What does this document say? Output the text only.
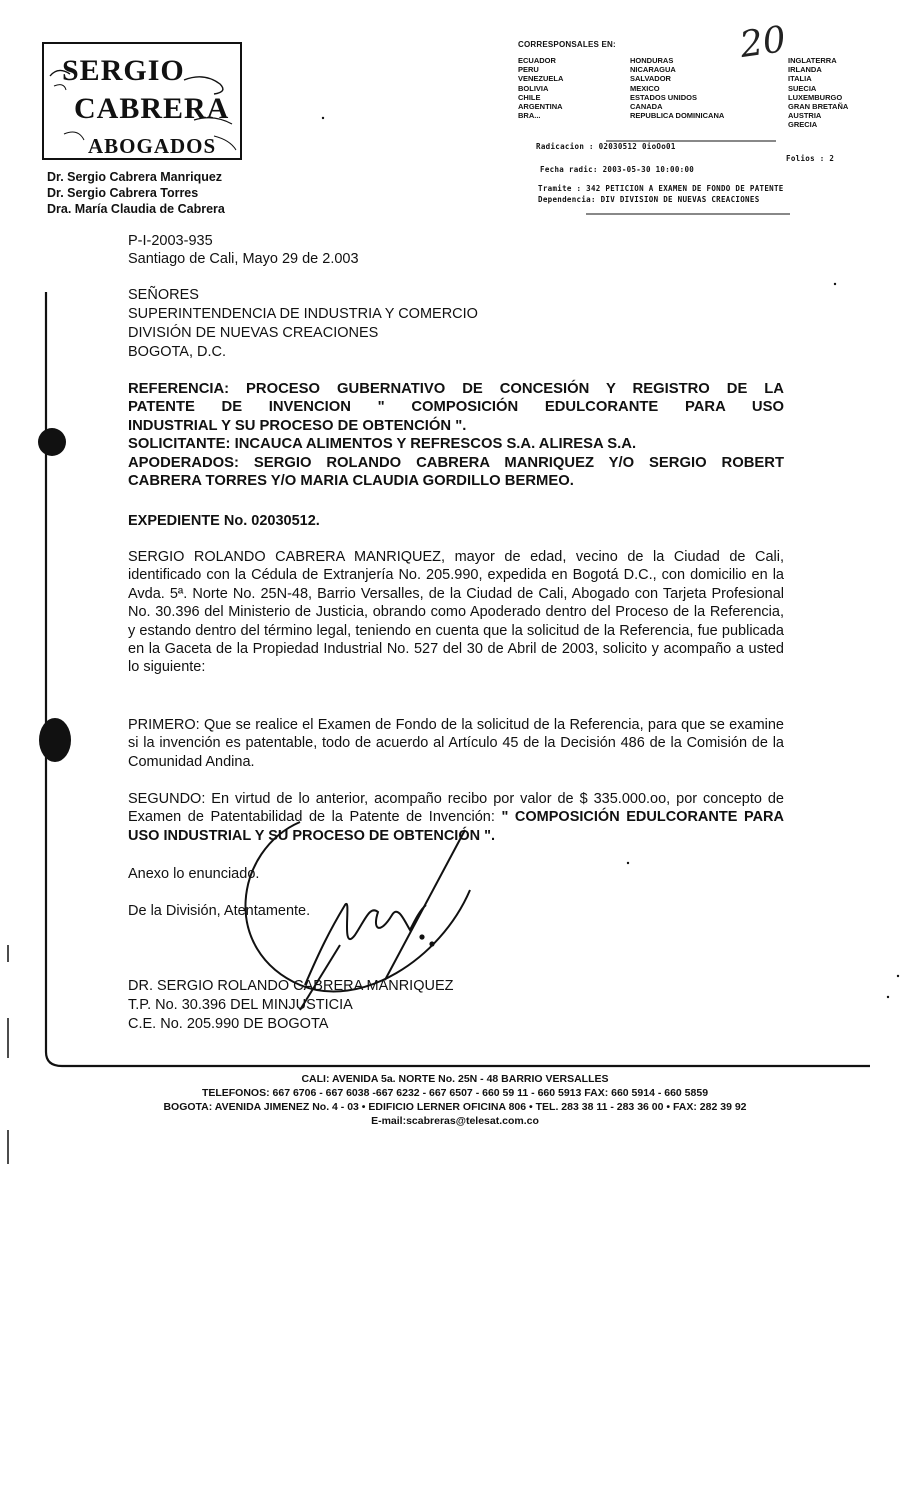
SERGIO
CABRERA
ABOGADOS
Dr. Sergio Cabrera Manriquez
Dr. Sergio Cabrera Torres
Dra. María Claudia de Cabrera
CORRESPONSALES EN:	20
ECUADOR
PERU
VENEZUELA
BOLIVIA
CHILE
ARGENTINA
BRA...
HONDURAS
NICARAGUA
SALVADOR
MEXICO
ESTADOS UNIDOS
CANADA
REPUBLICA DOMINICANA
INGLATERRA
IRLANDA
ITALIA
SUECIA
LUXEMBURGO
GRAN BRETAÑA
AUSTRIA
GRECIA
Radicacion : 02030512 0ioOo01
Folios : 2
Fecha radic: 2003-05-30 10:00:00
Tramite : 342 PETICION A EXAMEN DE FONDO DE PATENTE
Dependencia: DIV DIVISION DE NUEVAS CREACIONES
P-I-2003-935
Santiago de Cali, Mayo 29 de 2.003
SEÑORES
SUPERINTENDENCIA DE INDUSTRIA Y COMERCIO
DIVISIÓN DE NUEVAS CREACIONES
BOGOTA, D.C.
REFERENCIA: PROCESO GUBERNATIVO DE CONCESIÓN Y REGISTRO DE LA
PATENTE DE INVENCION " COMPOSICIÓN EDULCORANTE PARA USO
INDUSTRIAL Y SU PROCESO DE OBTENCIÓN ".
SOLICITANTE: INCAUCA ALIMENTOS Y REFRESCOS S.A. ALIRESA S.A.
APODERADOS: SERGIO ROLANDO CABRERA MANRIQUEZ Y/O SERGIO ROBERT
CABRERA TORRES Y/O MARIA CLAUDIA GORDILLO BERMEO.
EXPEDIENTE No. 02030512.
SERGIO ROLANDO CABRERA MANRIQUEZ, mayor de edad, vecino de la Ciudad de Cali, identificado con la Cédula de Extranjería No. 205.990, expedida en Bogotá D.C., con domicilio en la Avda. 5ª. Norte No. 25N-48, Barrio Versalles, de la Ciudad de Cali, Abogado con Tarjeta Profesional No. 30.396 del Ministerio de Justicia, obrando como Apoderado dentro del Proceso de la Referencia, y estando dentro del término legal, teniendo en cuenta que la solicitud de la Referencia, fue publicada en la Gaceta de la Propiedad Industrial No. 527 del 30 de Abril de 2003, solicito y acompaño a usted lo siguiente:
PRIMERO: Que se realice el Examen de Fondo de la solicitud de la Referencia, para que se examine si la invención es patentable, todo de acuerdo al Artículo 45 de la Decisión 486 de la Comisión de la Comunidad Andina.
SEGUNDO: En virtud de lo anterior, acompaño recibo por valor de $ 335.000.oo, por concepto de Examen de Patentabilidad de la Patente de Invención: " COMPOSICIÓN EDULCORANTE PARA USO INDUSTRIAL Y SU PROCESO DE OBTENCIÓN ".
Anexo lo enunciado.
De la División, Atentamente.
DR. SERGIO ROLANDO CABRERA MANRIQUEZ
T.P. No. 30.396 DEL MINJUSTICIA
C.E. No. 205.990 DE BOGOTA
CALI: AVENIDA 5a. NORTE No. 25N - 48 BARRIO VERSALLES
TELEFONOS: 667 6706 - 667 6038 -667 6232 - 667 6507 - 660 59 11 - 660 5913 FAX: 660 5914 - 660 5859
BOGOTA: AVENIDA JIMENEZ No. 4 - 03 • EDIFICIO LERNER OFICINA 806 • TEL. 283 38 11 - 283 36 00 • FAX: 282 39 92
E-mail:scabreras@telesat.com.co
